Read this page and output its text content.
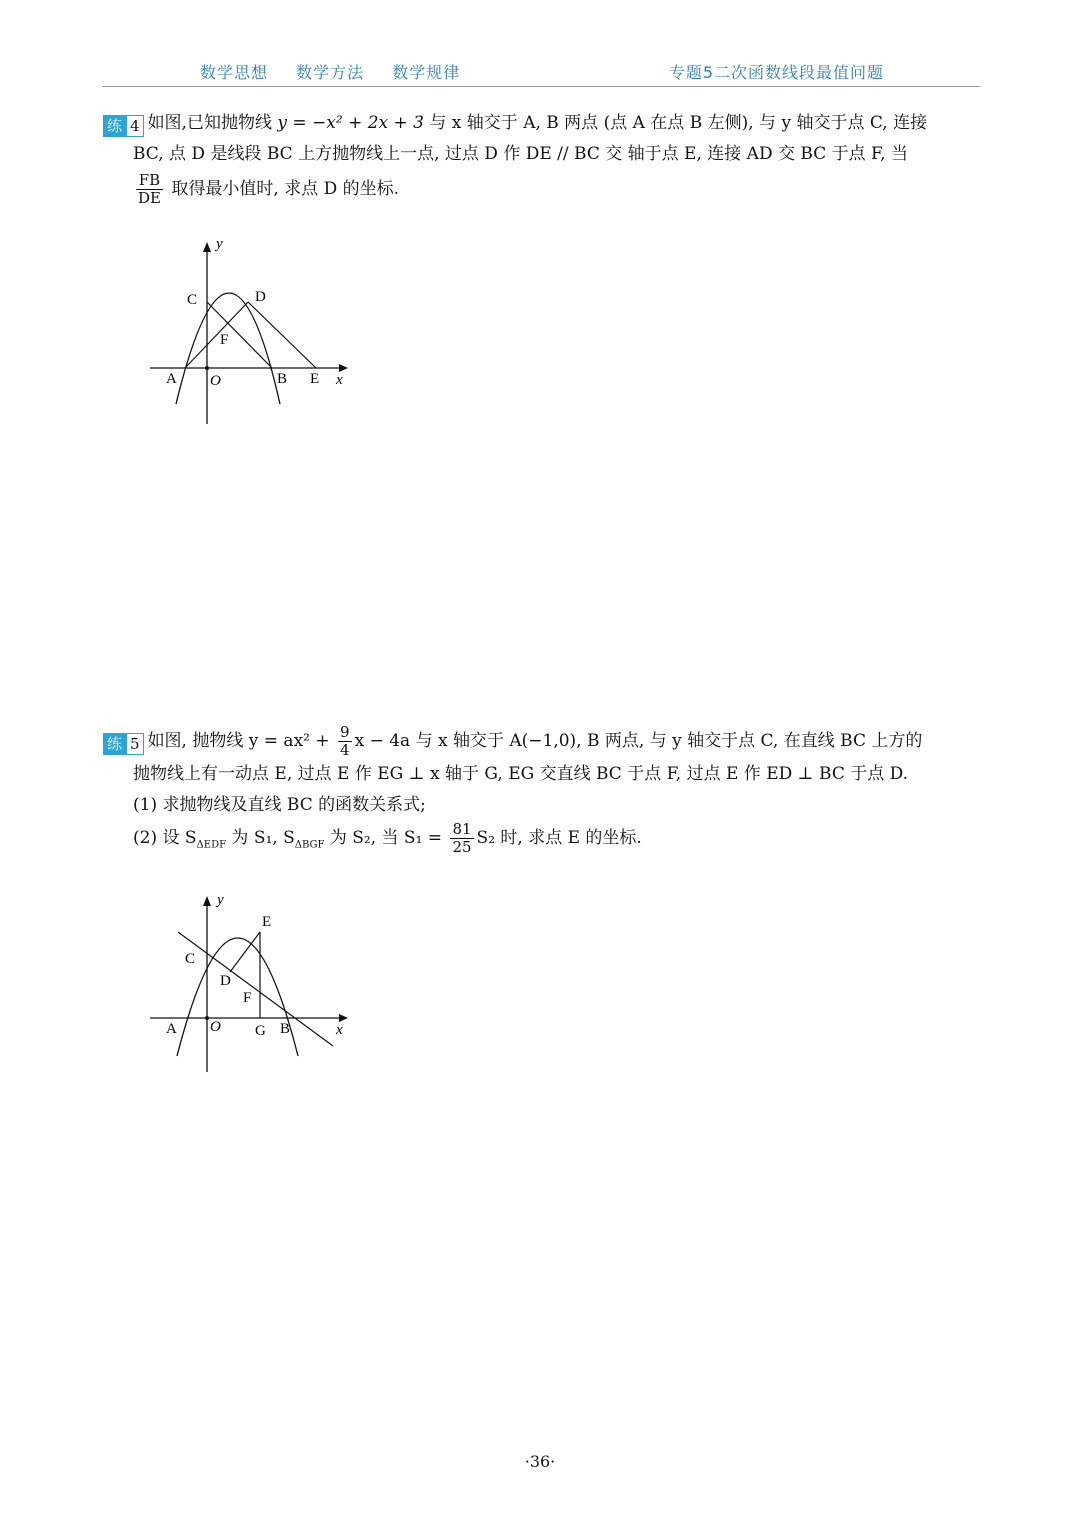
数学思想 数学方法 数学规律	专题5二次函数线段最值问题
练 4 如图,已知抛物线 y = −x² + 2x + 3 与 x 轴交于 A, B 两点 (点 A 在点 B 左侧), 与 y 轴交于点 C, 连接
BC, 点 D 是线段 BC 上方抛物线上一点, 过点 D 作 DE // BC 交 轴于点 E, 连接 AD 交 BC 于点 F, 当
$\frac{FB}{DE}$ 取得最小值时, 求点 D 的坐标.
y
x
O
A	B E
C	D
F
练 5 如图, 抛物线 $y = ax^2 + \frac{9}{4}$ x − 4a 与 x 轴交于 A(−1,0), B 两点, 与 y 轴交于点 C, 在直线 BC 上方的
抛物线上有一动点 E, 过点 E 作 EG ⊥ x 轴于 G, EG 交直线 BC 于点 F, 过点 E 作 ED ⊥ BC 于点 D.
(1) 求抛物线及直线 BC 的函数关系式;
(2) 设 $S_{\Delta EDF}$ 为 S₁, $S_{\Delta BGF}$ 为 S₂, 当 $S_1 = \frac{81}{25} S_2$ 时, 求点 E 的坐标.
y
x
O
A	B
G
C
D
E
F
·36·
